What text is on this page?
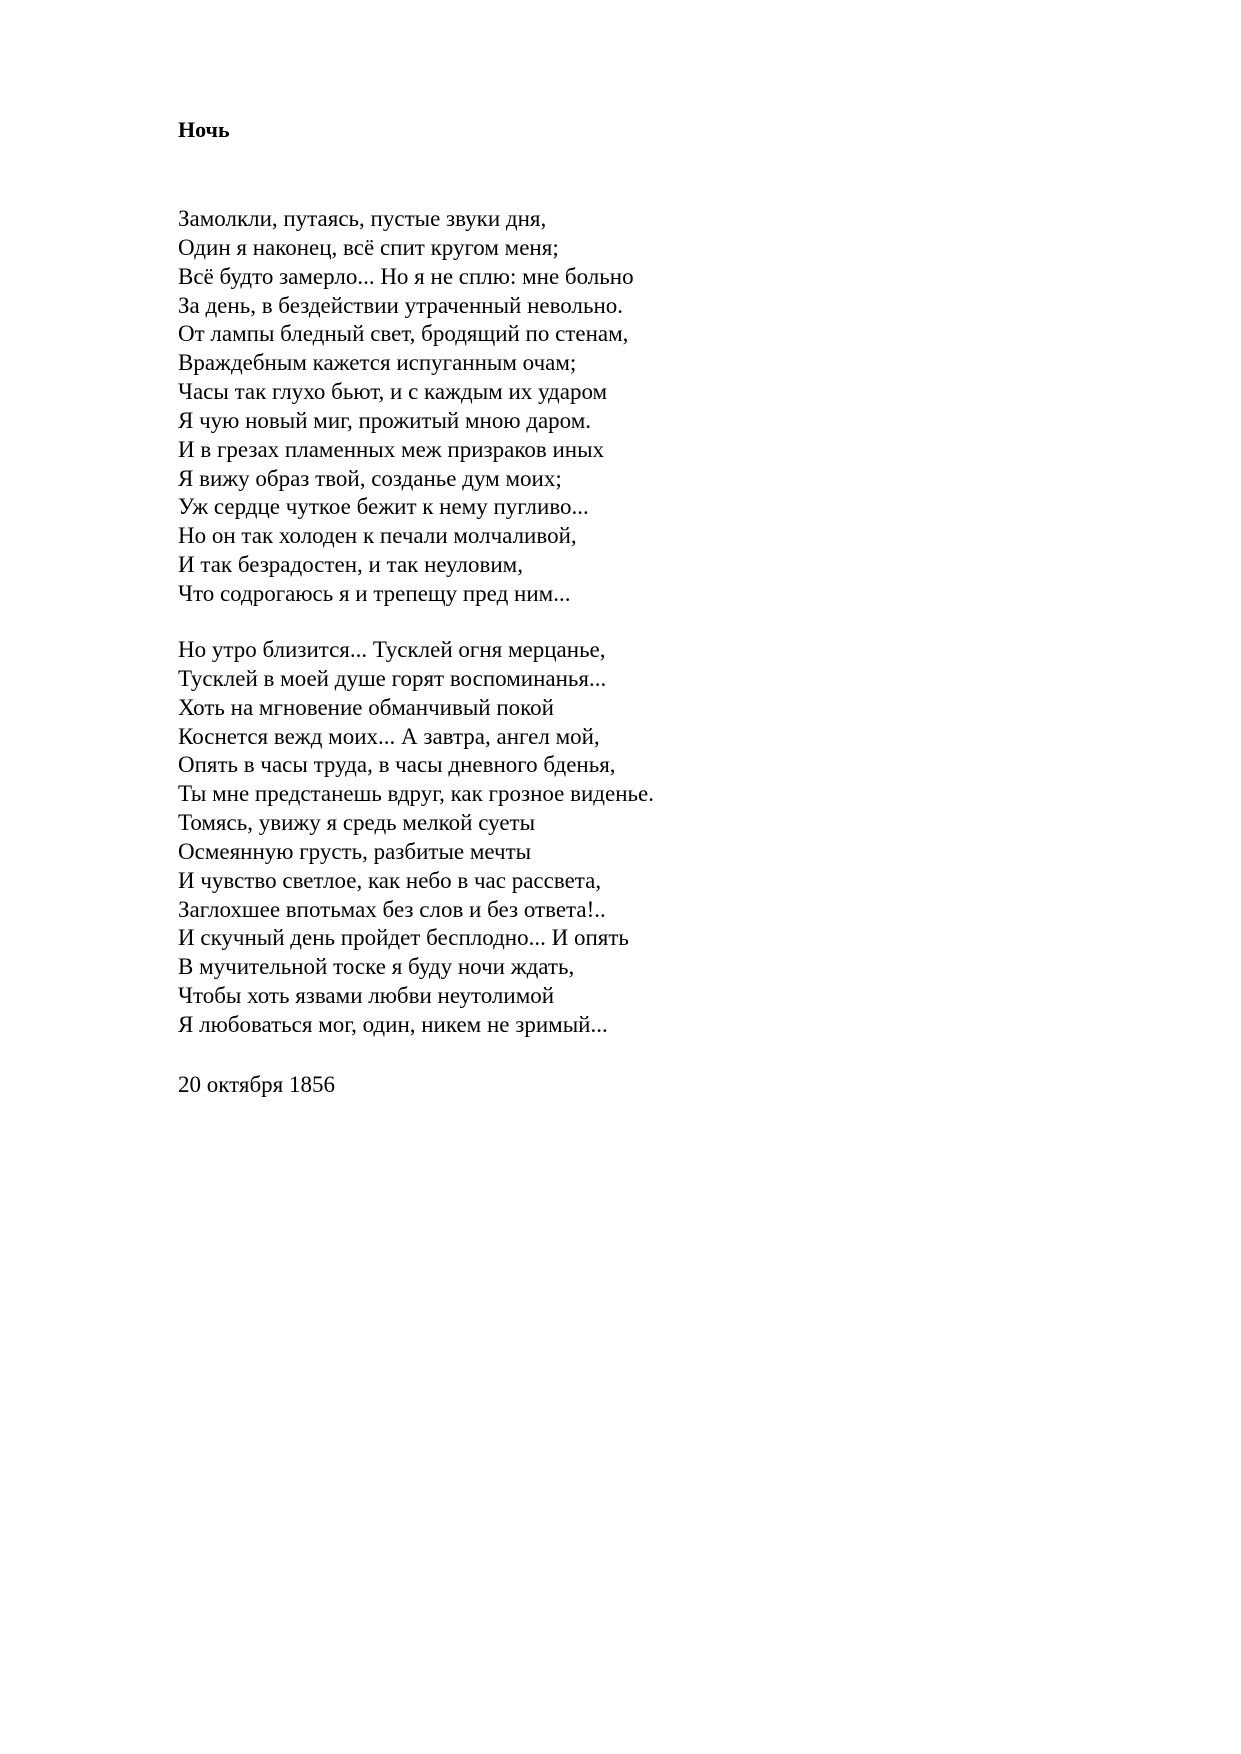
Ночь
Замолкли, путаясь, пустые звуки дня,
Один я наконец, всё спит кругом меня;
Всё будто замерло... Но я не сплю: мне больно
За день, в бездействии утраченный невольно.
От лампы бледный свет, бродящий по стенам,
Враждебным кажется испуганным очам;
Часы так глухо бьют, и с каждым их ударом
Я чую новый миг, прожитый мною даром.
И в грезах пламенных меж призраков иных
Я вижу образ твой, созданье дум моих;
Уж сердце чуткое бежит к нему пугливо...
Но он так холоден к печали молчаливой,
И так безрадостен, и так неуловим,
Что содрогаюсь я и трепещу пред ним...
Но утро близится... Тусклей огня мерцанье,
Тусклей в моей душе горят воспоминанья...
Хоть на мгновение обманчивый покой
Коснется вежд моих... А завтра, ангел мой,
Опять в часы труда, в часы дневного бденья,
Ты мне предстанешь вдруг, как грозное виденье.
Томясь, увижу я средь мелкой суеты
Осмеянную грусть, разбитые мечты
И чувство светлое, как небо в час рассвета,
Заглохшее впотьмах без слов и без ответа!..
И скучный день пройдет бесплодно... И опять
В мучительной тоске я буду ночи ждать,
Чтобы хоть язвами любви неутолимой
Я любоваться мог, один, никем не зримый...

20 октября 1856
